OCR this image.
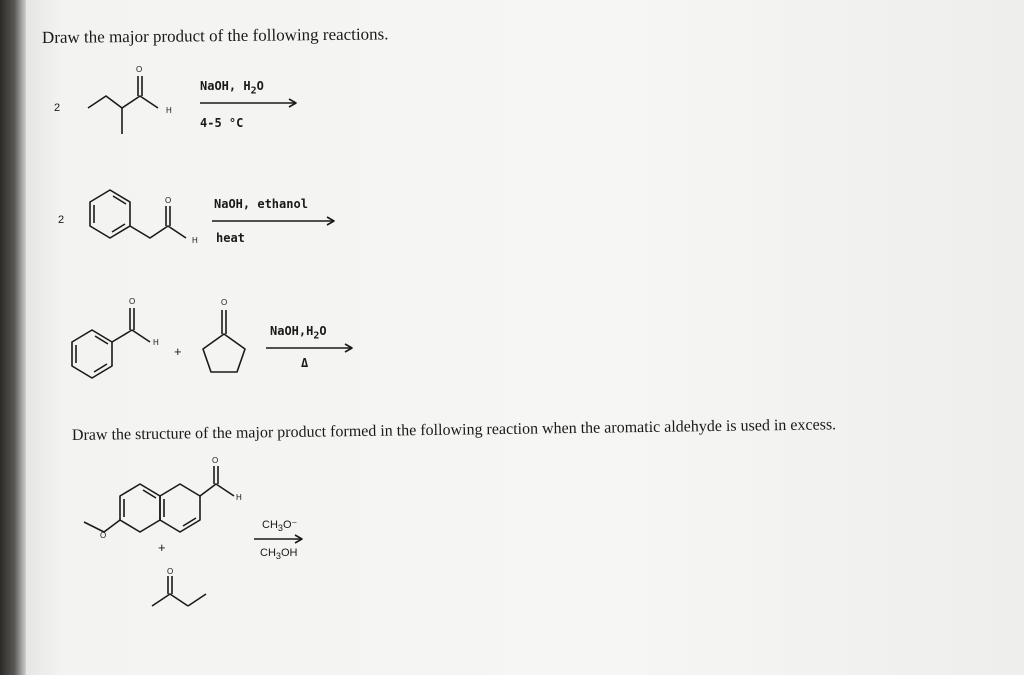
Draw the major product of the following reactions.
2
O
H
NaOH, $H_2O$
4-5 °C
2
O
H
NaOH, ethanol
heat
O
H
+
O
$NaOH,H_2O$
Δ
Draw the structure of the major product formed in the following reaction when the aromatic aldehyde is used in excess.
O
H
O
+
O
$CH_3O^-$
$CH_3OH$
